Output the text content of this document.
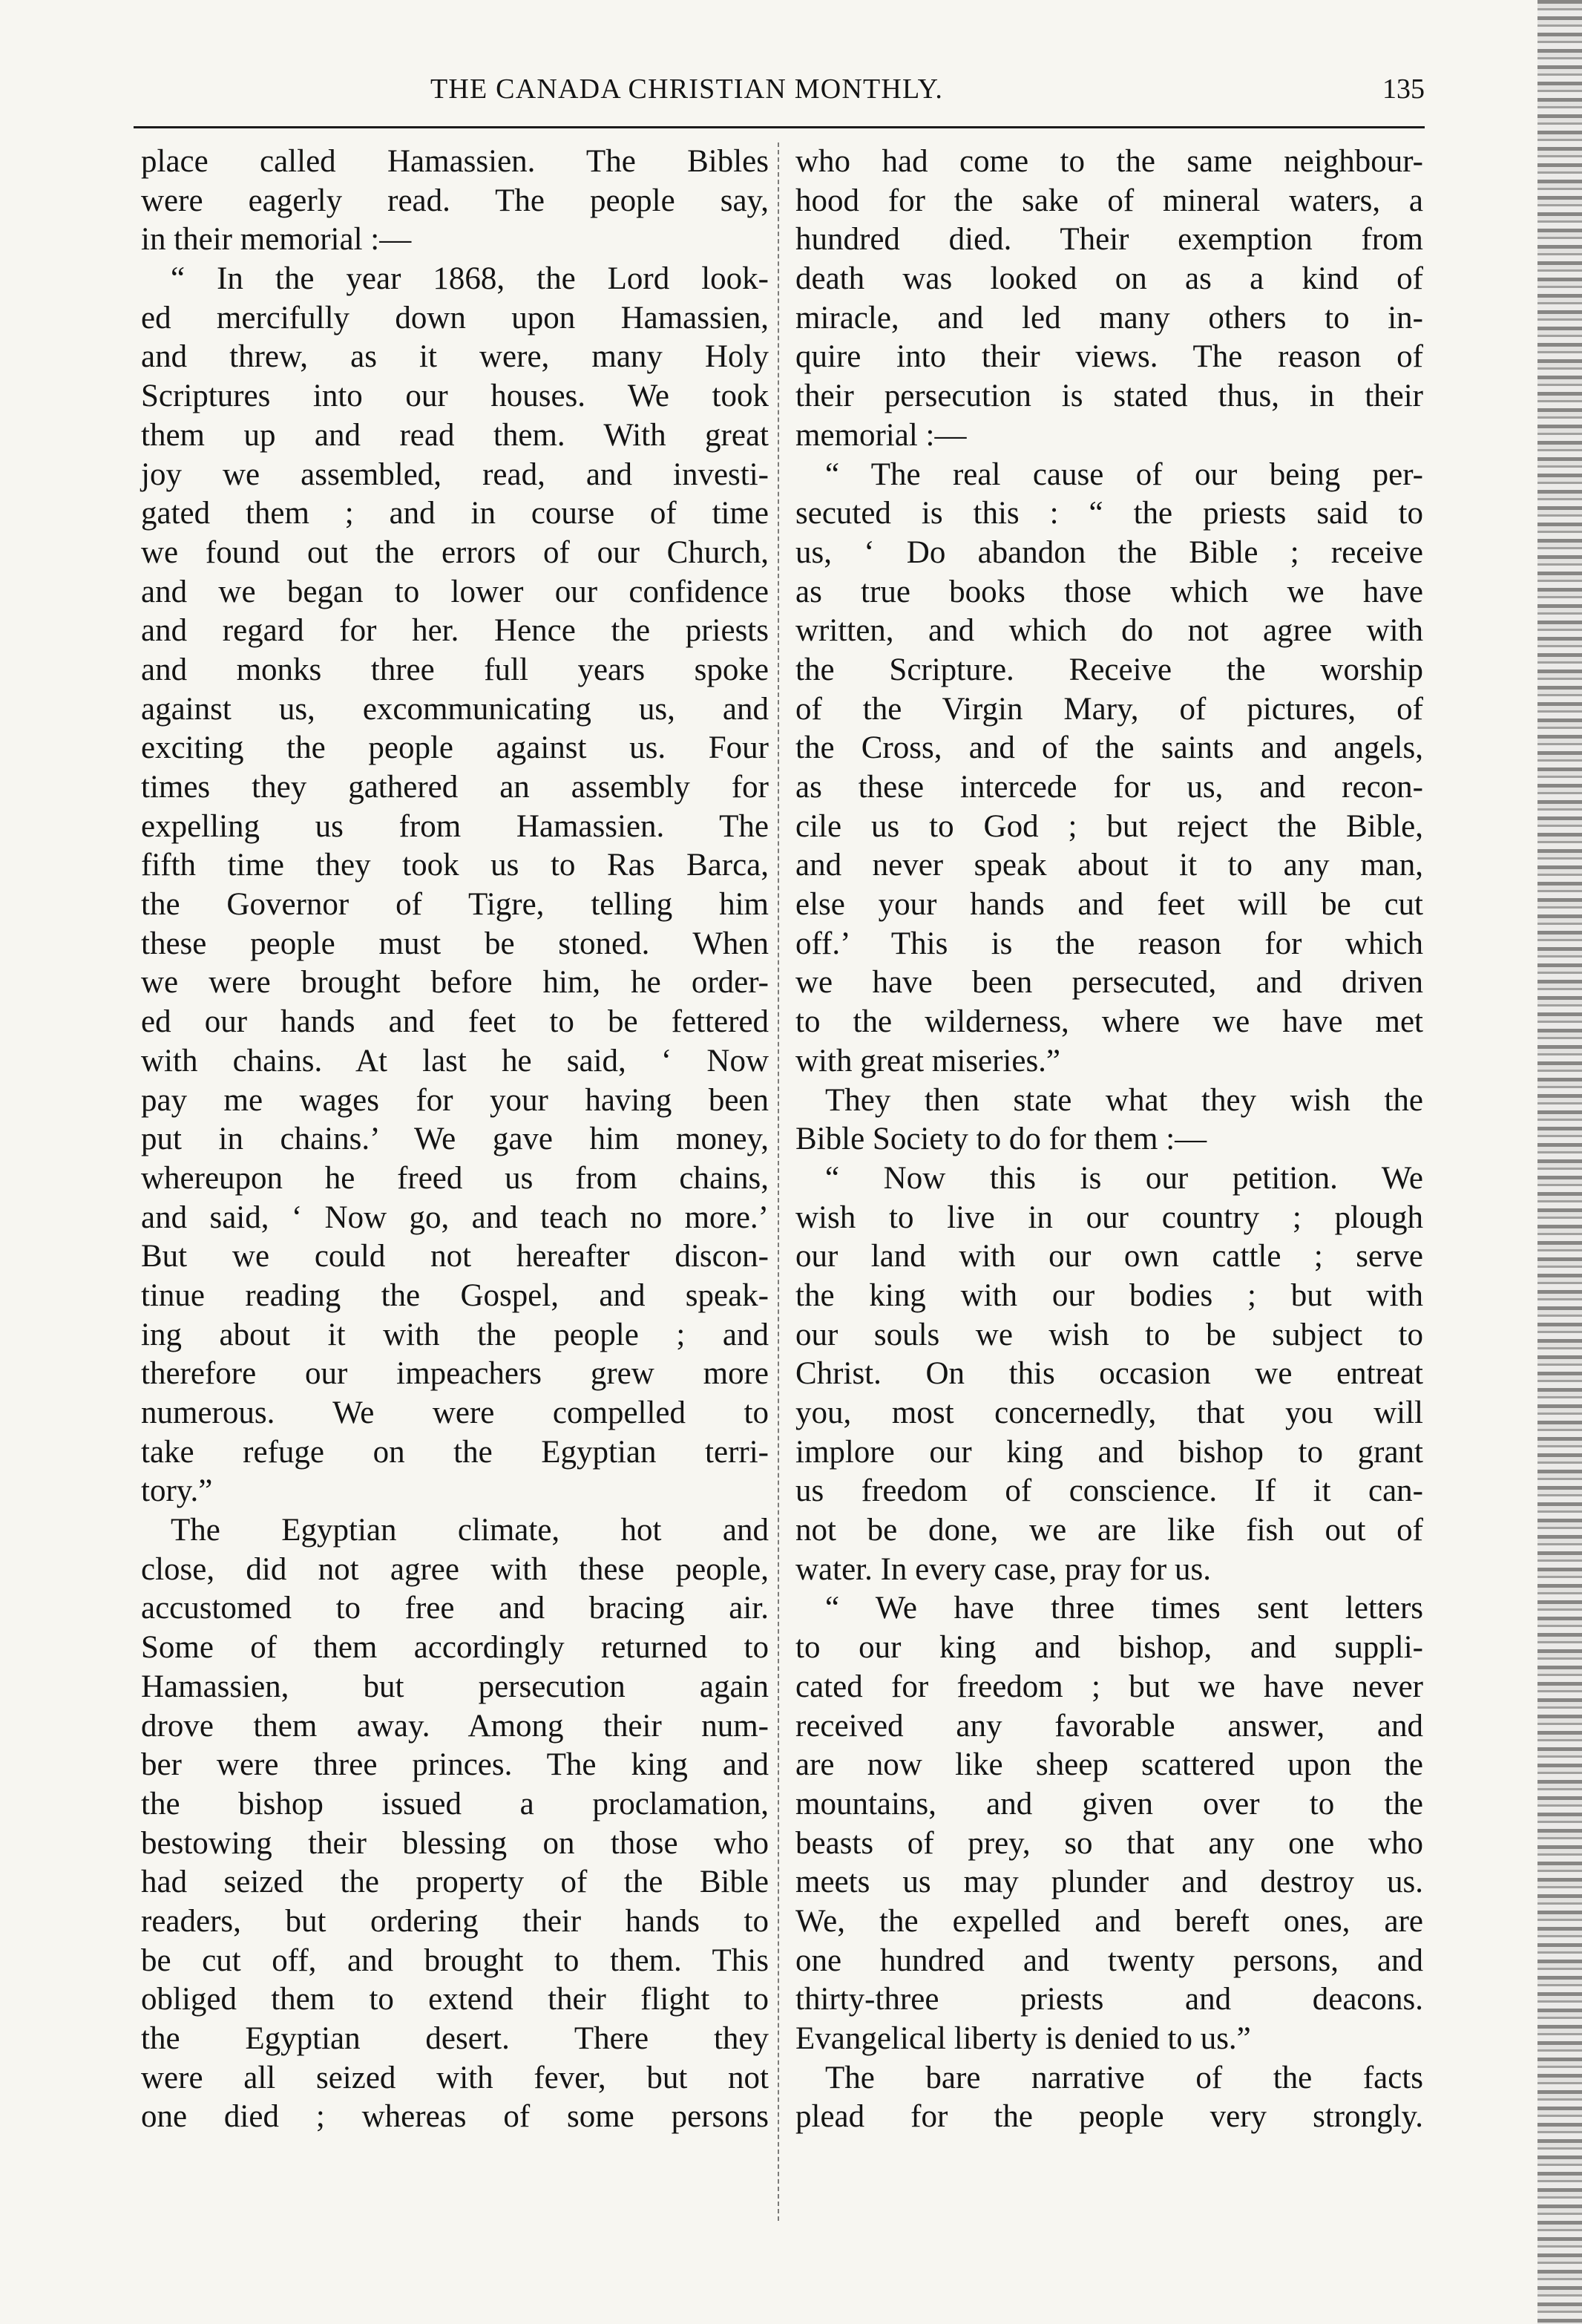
THE CANADA CHRISTIAN MONTHLY.	135
place called Hamassien. The Bibles
were eagerly read. The people say,
in their memorial :—
“ In the year 1868, the Lord look-
ed mercifully down upon Hamassien,
and threw, as it were, many Holy
Scriptures into our houses. We took
them up and read them. With great
joy we assembled, read, and investi-
gated them ; and in course of time
we found out the errors of our Church,
and we began to lower our confidence
and regard for her. Hence the priests
and monks three full years spoke
against us, excommunicating us, and
exciting the people against us. Four
times they gathered an assembly for
expelling us from Hamassien. The
fifth time they took us to Ras Barca,
the Governor of Tigre, telling him
these people must be stoned. When
we were brought before him, he order-
ed our hands and feet to be fettered
with chains. At last he said, ‘ Now
pay me wages for your having been
put in chains.’ We gave him money,
whereupon he freed us from chains,
and said, ‘ Now go, and teach no more.’
But we could not hereafter discon-
tinue reading the Gospel, and speak-
ing about it with the people ; and
therefore our impeachers grew more
numerous. We were compelled to
take refuge on the Egyptian terri-
tory.”
The Egyptian climate, hot and
close, did not agree with these people,
accustomed to free and bracing air.
Some of them accordingly returned to
Hamassien, but persecution again
drove them away. Among their num-
ber were three princes. The king and
the bishop issued a proclamation,
bestowing their blessing on those who
had seized the property of the Bible
readers, but ordering their hands to
be cut off, and brought to them. This
obliged them to extend their flight to
the Egyptian desert. There they
were all seized with fever, but not
one died ; whereas of some persons
who had come to the same neighbour-
hood for the sake of mineral waters, a
hundred died. Their exemption from
death was looked on as a kind of
miracle, and led many others to in-
quire into their views. The reason of
their persecution is stated thus, in their
memorial :—
“ The real cause of our being per-
secuted is this : “ the priests said to
us, ‘ Do abandon the Bible ; receive
as true books those which we have
written, and which do not agree with
the Scripture. Receive the worship
of the Virgin Mary, of pictures, of
the Cross, and of the saints and angels,
as these intercede for us, and recon-
cile us to God ; but reject the Bible,
and never speak about it to any man,
else your hands and feet will be cut
off.’ This is the reason for which
we have been persecuted, and driven
to the wilderness, where we have met
with great miseries.”
They then state what they wish the
Bible Society to do for them :—
“ Now this is our petition. We
wish to live in our country ; plough
our land with our own cattle ; serve
the king with our bodies ; but with
our souls we wish to be subject to
Christ. On this occasion we entreat
you, most concernedly, that you will
implore our king and bishop to grant
us freedom of conscience. If it can-
not be done, we are like fish out of
water. In every case, pray for us.
“ We have three times sent letters
to our king and bishop, and suppli-
cated for freedom ; but we have never
received any favorable answer, and
are now like sheep scattered upon the
mountains, and given over to the
beasts of prey, so that any one who
meets us may plunder and destroy us.
We, the expelled and bereft ones, are
one hundred and twenty persons, and
thirty-three priests and deacons.
Evangelical liberty is denied to us.”
The bare narrative of the facts
plead for the people very strongly.
